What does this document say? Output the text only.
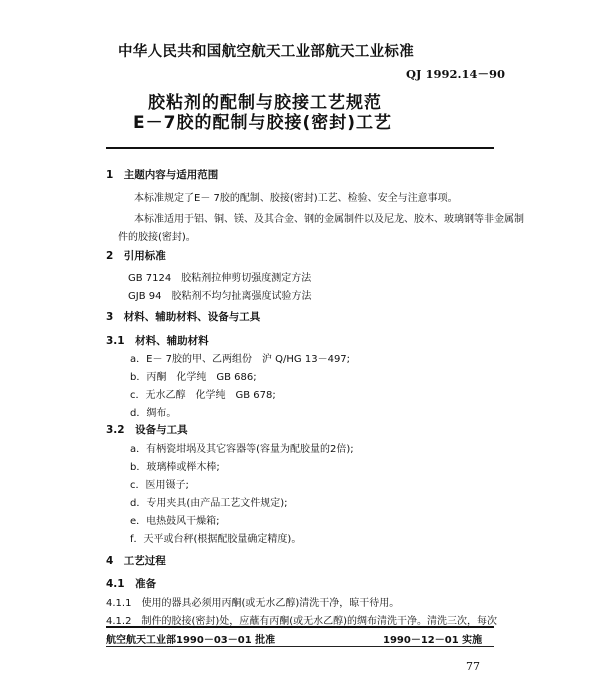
中华人民共和国航空航天工业部航天工业标准
QJ 1992.14－90
胶粘剂的配制与胶接工艺规范
E－7胶的配制与胶接(密封)工艺
1　主题内容与适用范围
本标准规定了E－ 7胶的配制、胶接(密封)工艺、检验、安全与注意事项。
本标准适用于铝、铜、镁、及其合金、钢的金属制件以及尼龙、胶木、玻璃钢等非金属制
件的胶接(密封)。
2　引用标准
GB 7124　胶粘剂拉伸剪切强度测定方法
GJB 94　胶粘剂不均匀扯离强度试验方法
3　材料、辅助材料、设备与工具
3.1　材料、辅助材料
a．E－ 7胶的甲、乙两组份　沪 Q/HG 13－497;
b．丙酮　化学纯　GB 686;
c．无水乙醇　化学纯　GB 678;
d．绸布。
3.2　设备与工具
a．有柄瓷坩埚及其它容器等(容量为配胶量的2倍);
b．玻璃棒或榉木棒;
c．医用镊子;
d．专用夹具(由产品工艺文件规定);
e．电热鼓风干燥箱;
f．天平或台秤(根据配胶量确定精度)。
4　工艺过程
4.1　准备
4.1.1　使用的器具必须用丙酮(或无水乙醇)清洗干净，晾干待用。
4.1.2　制件的胶接(密封)处，应蘸有丙酮(或无水乙醇)的绸布清洗干净。清洗三次，每次
航空航天工业部1990－03－01 批准	1990－12－01 实施
77
